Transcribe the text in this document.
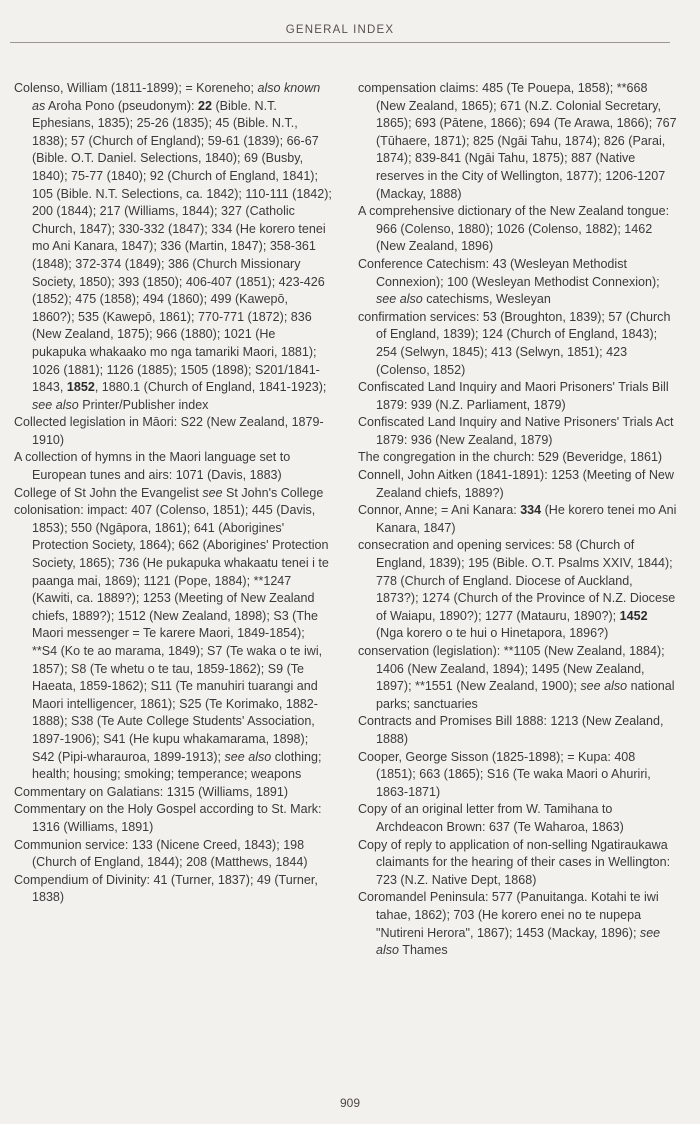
GENERAL INDEX

Colenso, William (1811-1899); = Koreneho; also known as Aroha Pono (pseudonym): 22 (Bible. N.T. Ephesians, 1835); 25-26 (1835); 45 (Bible. N.T., 1838); 57 (Church of England); 59-61 (1839); 66-67 (Bible. O.T. Daniel. Selections, 1840); 69 (Busby, 1840); 75-77 (1840); 92 (Church of England, 1841); 105 (Bible. N.T. Selections, ca. 1842); 110-111 (1842); 200 (1844); 217 (Williams, 1844); 327 (Catholic Church, 1847); 330-332 (1847); 334 (He korero tenei mo Ani Kanara, 1847); 336 (Martin, 1847); 358-361 (1848); 372-374 (1849); 386 (Church Missionary Society, 1850); 393 (1850); 406-407 (1851); 423-426 (1852); 475 (1858); 494 (1860); 499 (Kawepō, 1860?); 535 (Kawepō, 1861); 770-771 (1872); 836 (New Zealand, 1875); 966 (1880); 1021 (He pukapuka whakaako mo nga tamariki Maori, 1881); 1026 (1881); 1126 (1885); 1505 (1898); S201/1841-1843, 1852, 1880.1 (Church of England, 1841-1923); see also Printer/Publisher index

Collected legislation in Māori: S22 (New Zealand, 1879-1910)

A collection of hymns in the Maori language set to European tunes and airs: 1071 (Davis, 1883)

College of St John the Evangelist see St John's College

colonisation: impact: 407 (Colenso, 1851); 445 (Davis, 1853); 550 (Ngāpora, 1861); 641 (Aborigines' Protection Society, 1864); 662 (Aborigines' Protection Society, 1865); 736 (He pukapuka whakaatu tenei i te paanga mai, 1869); 1121 (Pope, 1884); **1247 (Kawiti, ca. 1889?); 1253 (Meeting of New Zealand chiefs, 1889?); 1512 (New Zealand, 1898); S3 (The Maori messenger = Te karere Maori, 1849-1854); **S4 (Ko te ao marama, 1849); S7 (Te waka o te iwi, 1857); S8 (Te whetu o te tau, 1859-1862); S9 (Te Haeata, 1859-1862); S11 (Te manuhiri tuarangi and Maori intelligencer, 1861); S25 (Te Korimako, 1882-1888); S38 (Te Aute College Students' Association, 1897-1906); S41 (He kupu whakamarama, 1898); S42 (Pipi-wharauroa, 1899-1913); see also clothing; health; housing; smoking; temperance; weapons

Commentary on Galatians: 1315 (Williams, 1891)

Commentary on the Holy Gospel according to St. Mark: 1316 (Williams, 1891)

Communion service: 133 (Nicene Creed, 1843); 198 (Church of England, 1844); 208 (Matthews, 1844)

Compendium of Divinity: 41 (Turner, 1837); 49 (Turner, 1838)

compensation claims: 485 (Te Pouepa, 1858); **668 (New Zealand, 1865); 671 (N.Z. Colonial Secretary, 1865); 693 (Pātene, 1866); 694 (Te Arawa, 1866); 767 (Tūhaere, 1871); 825 (Ngāi Tahu, 1874); 826 (Parai, 1874); 839-841 (Ngāi Tahu, 1875); 887 (Native reserves in the City of Wellington, 1877); 1206-1207 (Mackay, 1888)

A comprehensive dictionary of the New Zealand tongue: 966 (Colenso, 1880); 1026 (Colenso, 1882); 1462 (New Zealand, 1896)

Conference Catechism: 43 (Wesleyan Methodist Connexion); 100 (Wesleyan Methodist Connexion); see also catechisms, Wesleyan

confirmation services: 53 (Broughton, 1839); 57 (Church of England, 1839); 124 (Church of England, 1843); 254 (Selwyn, 1845); 413 (Selwyn, 1851); 423 (Colenso, 1852)

Confiscated Land Inquiry and Maori Prisoners' Trials Bill 1879: 939 (N.Z. Parliament, 1879)

Confiscated Land Inquiry and Native Prisoners' Trials Act 1879: 936 (New Zealand, 1879)

The congregation in the church: 529 (Beveridge, 1861)

Connell, John Aitken (1841-1891): 1253 (Meeting of New Zealand chiefs, 1889?)

Connor, Anne; = Ani Kanara: 334 (He korero tenei mo Ani Kanara, 1847)

consecration and opening services: 58 (Church of England, 1839); 195 (Bible. O.T. Psalms XXIV, 1844); 778 (Church of England. Diocese of Auckland, 1873?); 1274 (Church of the Province of N.Z. Diocese of Waiapu, 1890?); 1277 (Matauru, 1890?); 1452 (Nga korero o te hui o Hinetapora, 1896?)

conservation (legislation): **1105 (New Zealand, 1884); 1406 (New Zealand, 1894); 1495 (New Zealand, 1897); **1551 (New Zealand, 1900); see also national parks; sanctuaries

Contracts and Promises Bill 1888: 1213 (New Zealand, 1888)

Cooper, George Sisson (1825-1898); = Kupa: 408 (1851); 663 (1865); S16 (Te waka Maori o Ahuriri, 1863-1871)

Copy of an original letter from W. Tamihana to Archdeacon Brown: 637 (Te Waharoa, 1863)

Copy of reply to application of non-selling Ngatiraukawa claimants for the hearing of their cases in Wellington: 723 (N.Z. Native Dept, 1868)

Coromandel Peninsula: 577 (Panuitanga. Kotahi te iwi tahae, 1862); 703 (He korero enei no te nupepa "Nutireni Herora", 1867); 1453 (Mackay, 1896); see also Thames

909
